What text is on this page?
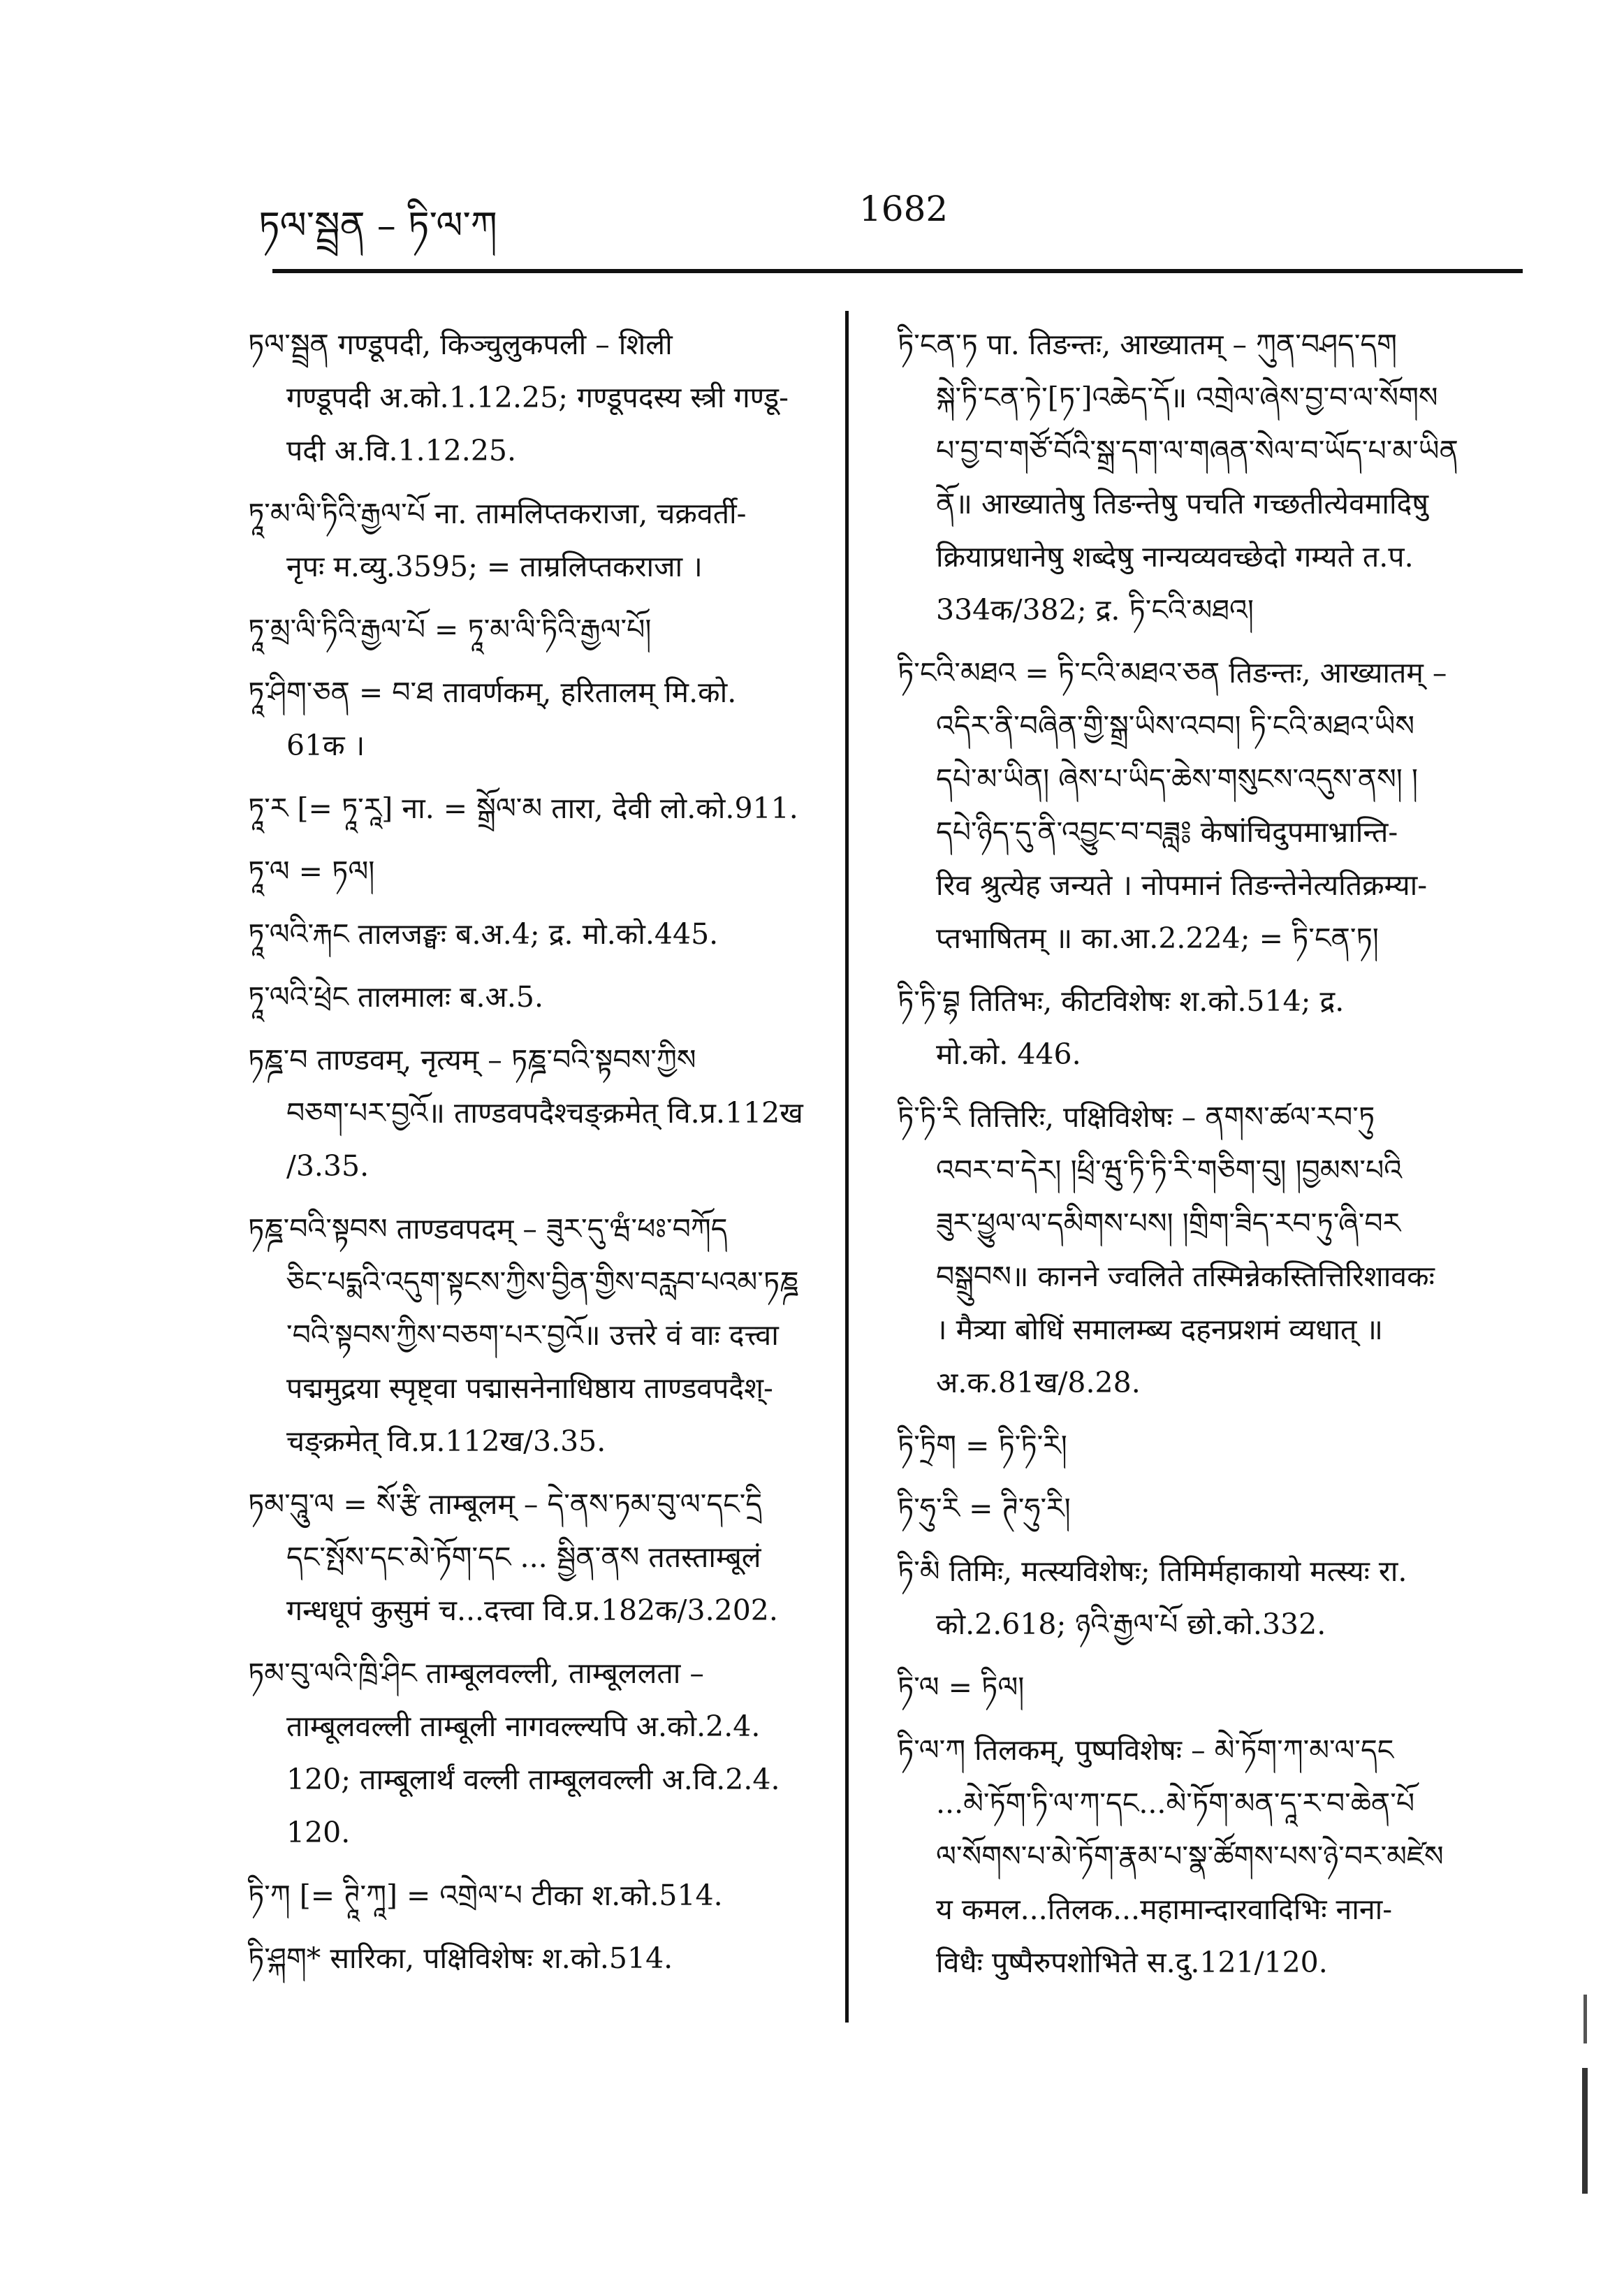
ཏལ་སྦྲན – ཏི་ལ་ཀ	1682
ཏལ་སྦྲན गण्डूपदी, किञ्चुलुकपली – शिली
गण्डूपदी अ.को.1.12.25; गण्डूपदस्य स्त्री गण्डू-
पदी अ.वि.1.12.25.
ཏཱ་མ་ལི་ཏིའི་རྒྱལ་པོ ना. तामलिप्तकराजा, चक्रवर्ती-
नृपः म.व्यु.3595; = ताम्रलिप्तकराजा ।
ཏཱ་མྲ་ལི་ཏིའི་རྒྱལ་པོ = ཏཱ་མ་ལི་ཏིའི་རྒྱལ་པོ།
ཏཱ་ཤིག་ཅན = བ་ཐ तावर्णकम्, हरितालम् मि.को.
61क ।
ཏཱ་ར [= ཏཱ་རཱ] ना. = སྒྲོལ་མ तारा, देवी लो.को.911.
ཏཱ་ལ = ཏལ།
ཏཱ་ལའི་རྐང तालजङ्घः ब.अ.4; द्र. मो.को.445.
ཏཱ་ལའི་ཕྲེང तालमालः ब.अ.5.
ཏཎྜ་བ ताण्डवम्, नृत्यम् – ཏཎྜ་བའི་སྟབས་ཀྱིས
བཅག་པར་བྱའོ॥ ताण्डवपदैश्चङ्क्रमेत् वि.प्र.112ख
/3.35.
ཏཎྜ་བའི་སྟབས ताण्डवपदम् – ཟུར་དུ་ཝཾ་ཕཿ་བཀོད
ཅིང་པདྨའི་འདུག་སྟངས་ཀྱིས་བྱིན་གྱིས་བརླབ་པའམ་ཏཎྜ
་བའི་སྟབས་ཀྱིས་བཅག་པར་བྱའོ॥ उत्तरे वं वाः दत्त्वा
पद्ममुद्रया स्पृष्ट्वा पद्मासनेनाधिष्ठाय ताण्डवपदैश्-
चङ्क्रमेत् वि.प्र.112ख/3.35.
ཏམ་བཱུ་ལ = སོ་རྩི ताम्बूलम् – དེ་ནས་ཏམ་བུ་ལ་དང་དྲི
དང་སྤོས་དང་མེ་ཏོག་དང ... སྦྱིན་ནས ततस्ताम्बूलं
गन्धधूपं कुसुमं च...दत्त्वा वि.प्र.182क/3.202.
ཏམ་བུ་ལའི་ཁྲི་ཤིང ताम्बूलवल्ली, ताम्बूललता –
ताम्बूलवल्ली ताम्बूली नागवल्ल्यपि अ.को.2.4.
120; ताम्बूलार्थं वल्ली ताम्बूलवल्ली अ.वि.2.4.
120.
ཏི་ཀ [= ཊཱི་ཀཱ] = འགྲེལ་པ टीका श.को.514.
ཏི་ཤྐག* सारिका, पक्षिविशेषः श.को.514.
ཏི་ངན་ཏ पा. तिङन्तः, आख्यातम् – ཀུན་བཤད་དག
སྐེ་ཏི་ངན་ཏེ་[ཏ་]འཆེད་དོ॥ འགྲེལ་ཞེས་བྱ་བ་ལ་སོགས
པ་བྱ་བ་གཙོ་བོའི་སྒྲ་དག་ལ་གཞན་སེལ་བ་ཡོད་པ་མ་ཡིན
ནོ॥ आख्यातेषु तिङन्तेषु पचति गच्छतीत्येवमादिषु
क्रियाप्रधानेषु शब्देषु नान्यव्यवच्छेदो गम्यते त.प.
334क/382; द्र. ཏི་ངའི་མཐའ།
ཏི་ངའི་མཐའ = ཏི་ངའི་མཐའ་ཅན तिङन्तः, आख्यातम् –
འདིར་ནི་བཞིན་གྱི་སྒྲ་ཡིས་འབབ། ཏི་ངའི་མཐའ་ཡིས
དཔེ་མ་ཡིན། ཞེས་པ་ཡིད་ཆེས་གསུངས་འདུས་ནས། །
དཔེ་ཉིད་དུ་ནི་འབྱུང་བ་བཟླ༔ केषांचिदुपमाभ्रान्ति-
रिव श्रुत्येह जन्यते । नोपमानं तिङन्तेनेत्यतिक्रम्या-
प्तभाषितम् ॥ का.आ.2.224; = ཏི་ངན་ཏ།
ཏི་ཏི་བྷ तितिभः, कीटविशेषः श.को.514; द्र.
मो.को. 446.
ཏི་ཏི་རི तित्तिरिः, पक्षिविशेषः – ནགས་ཚལ་རབ་ཏུ
འབར་བ་དེར། །ཕྲི་ཝུ་ཏི་ཏི་རི་གཅིག་བུ། །བྱམས་པའི
ཟུར་ཕྱུལ་ལ་དམིགས་པས། །གྲིག་ཟིད་རབ་ཏུ་ཞི་བར
བསྒྲུབས॥ कानने ज्वलिते तस्मिन्नेकस्तित्तिरिशावकः
। मैत्र्या बोधिं समालम्ब्य दहनप्रशमं व्यधात् ॥
अ.क.81ख/8.28.
ཏི་ཏྲིག = ཏི་ཏི་རི།
ཏི་ཧུ་རི = ཊི་ཧུ་རི།
ཏི་མི तिमिः, मत्स्यविशेषः; तिमिर्महाकायो मत्स्यः रा.
को.2.618; ཉའི་རྒྱལ་པོ छो.को.332.
ཏི་ལ = ཏིལ།
ཏི་ལ་ཀ तिलकम्, पुष्पविशेषः – མེ་ཏོག་ཀ་མ་ལ་དང
...མེ་ཏོག་ཏི་ལ་ཀ་དང...མེ་ཏོག་མན་དཱ་ར་བ་ཆེན་པོ
ལ་སོགས་པ་མེ་ཏོག་རྣམ་པ་སྣ་ཚོགས་པས་ཉེ་བར་མཛེས
य कमल...तिलक...महामान्दारवादिभिः नाना-
विधैः पुष्पैरुपशोभिते स.दु.121/120.
